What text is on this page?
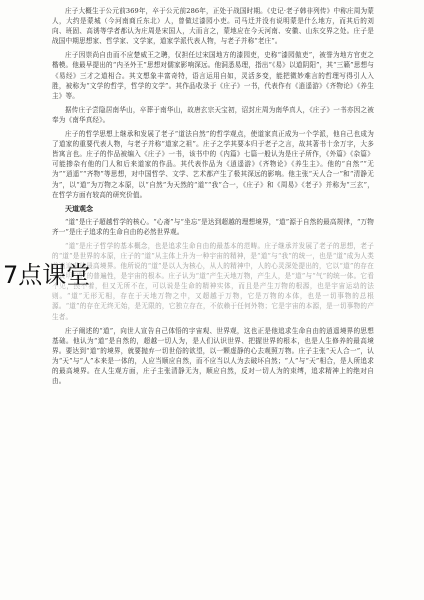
庄子大概生于公元前369年，卒于公元前286年，正处于战国时期。《史记·老子韩非列传》中称庄周为蒙人，大约是蒙城（今河南商丘东北）人，曾做过漆园小吏。司马迁并没有说明蒙是什么地方，而其后的刘向、班固、高诱等学者都认为庄周是宋国人，大而言之，蒙地应在今天河南、安徽、山东交界之处。庄子是战国中期思想家、哲学家、文学家，道家学派代表人物，与老子并称“老庄”。

庄子因崇尚自由而不应楚威王之聘，仅担任过宋国地方的漆园吏，史称“漆园傲吏”，被誉为地方官吏之楷模。他最早提出的“内圣外王”思想对儒家影响深远。他洞悉易理，指出“《易》以道阴阳”，其“三籁”思想与《易经》三才之道相合。其文想象丰富奇特，语言运用自如，灵活多变，能把微妙难言的哲理写得引人入胜，被称为“文学的哲学，哲学的文学”。其作品收录于《庄子》一书，代表作有《逍遥游》《齐物论》《养生主》等。

据传庄子尝隐居南华山，卒葬于南华山，故唐玄宗天宝初，诏封庄周为南华真人，《庄子》一书亦因之被奉为《南华真经》。

庄子的哲学思想上继承和发展了老子“道法自然”的哲学观点，使道家真正成为一个学派，他自己也成为了道家的重要代表人物，与老子并称“道家之祖”。庄子之学其要本归于老子之言，故其著书十余万字，大多皆寓言也。庄子的作品被编入《庄子》一书，该书中的《内篇》七篇一般认为是庄子所作，《外篇》《杂篇》可能掺杂有他的门人和后来道家的作品。其代表作品为《逍遥游》《齐物论》《养生主》。他的“自然”“无为”“逍遥”“齐物”等思想，对中国哲学、文学、艺术都产生了极其深远的影响。他主张“天人合一”和“清静无为”，以“道”为万物之本原，以“自然”为天然的“道”“我”合一，《庄子》和《周易》《老子》并称为“三玄”，在哲学方面有较高的研究价值。

天道观念

“道”是庄子超越哲学的核心。“心斋”与“坐忘”是达到超越的理想境界，“道”源于自然的最高规律，“万物齐一”是庄子追求的生命自由的必然世界观。

“道”是庄子哲学的基本概念，也是追求生命自由的最基本的范畴。庄子继承并发展了老子的思想，老子的“道”是世界的本原，庄子的“道”从主体上升为一种宇宙的精神，是“道”与“我”的统一，也是“道”成为人类普遍追求的最高境界。他所说的“道”是以人为核心，从人的精神中，人的心灵深处提出的，它以“道”的存在来说明“道”的普遍性，是宇宙的根本。庄子认为“道”产生天地万物，产生人，是“道”与“气”的统一体。它看不见，摸不着，但又无所不在，可以说是生命的精神实体，而且是产生万物的根源，也是宇宙运动的法则。“道”无形无相，存在于天地万物之中，又超越于万物，它是万物的本体，也是一切事物的总根源。“道”的存在无终无始，是无限的，它独立存在，不依赖于任何外物；它是宇宙的本源，是一切事物的产生者。

庄子阐述的“道”，向世人宣告自己体悟的宇宙观、世界观，这也正是他追求生命自由的逍遥境界的思想基础。他认为“道”是自然的，超越一切人为，是人们认识世界、把握世界的根本，也是人生修养的最高境界。要达到“道”的境界，就要抛弃一切世俗的欲望，以一颗虚静的心去观照万物。庄子主张“天人合一”，认为“天”与“人”本来是一体的，人应当顺应自然，而不应当以人为去破坏自然；“人”与“天”相合，是人所追求的最高境界。在人生观方面，庄子主张清静无为，顺应自然，反对一切人为的束缚，追求精神上的绝对自由。

7点课堂
